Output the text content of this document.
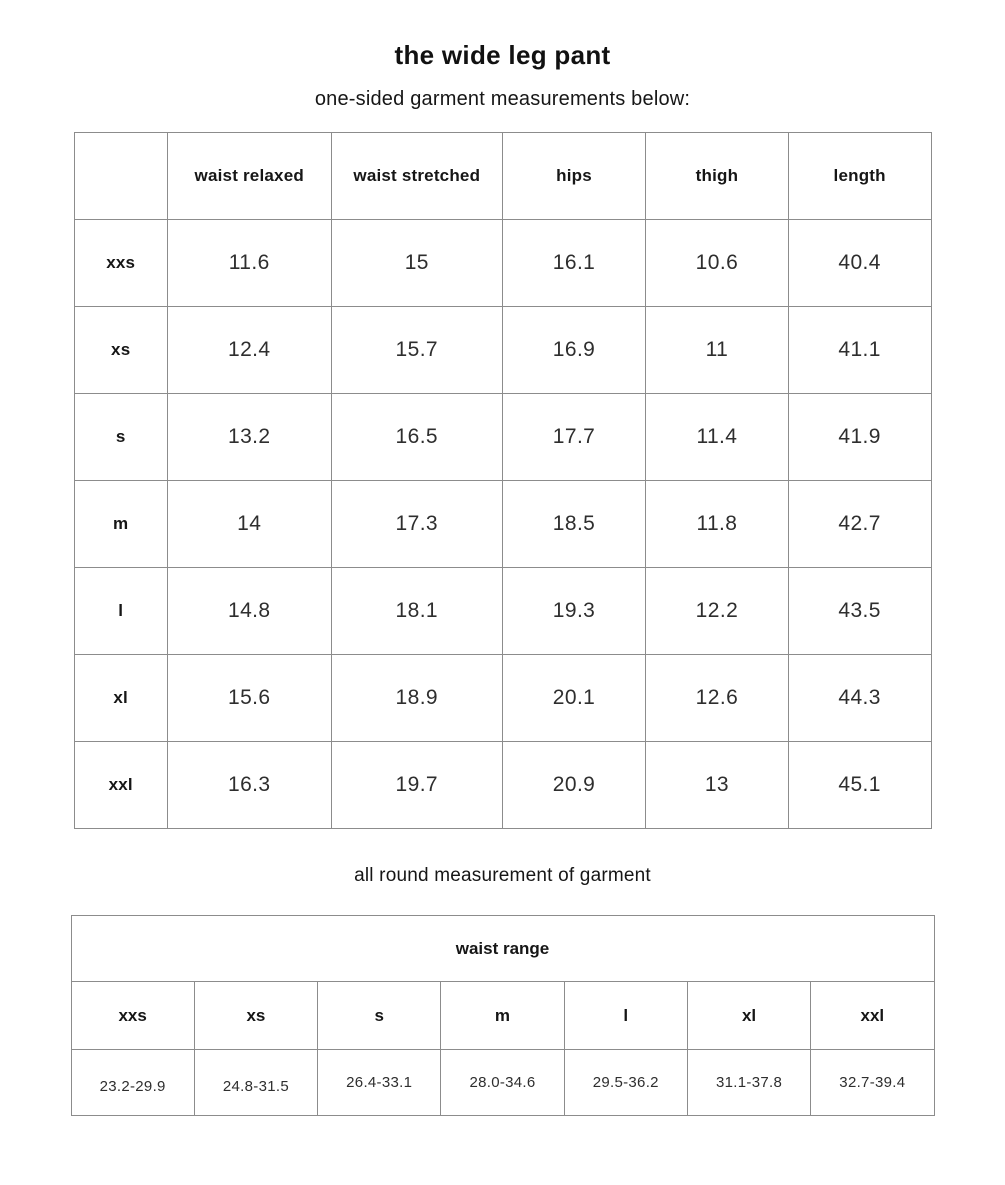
the wide leg pant
one-sided garment measurements below:
	waist relaxed	waist stretched	hips	thigh	length
xxs	11.6	15	16.1	10.6	40.4
xs	12.4	15.7	16.9	11	41.1
s	13.2	16.5	17.7	11.4	41.9
m	14	17.3	18.5	11.8	42.7
l	14.8	18.1	19.3	12.2	43.5
xl	15.6	18.9	20.1	12.6	44.3
xxl	16.3	19.7	20.9	13	45.1
all round measurement of garment
waist range						
xxs	xs	s	m	l	xl	xxl
23.2-29.9	24.8-31.5	26.4-33.1	28.0-34.6	29.5-36.2	31.1-37.8	32.7-39.4
